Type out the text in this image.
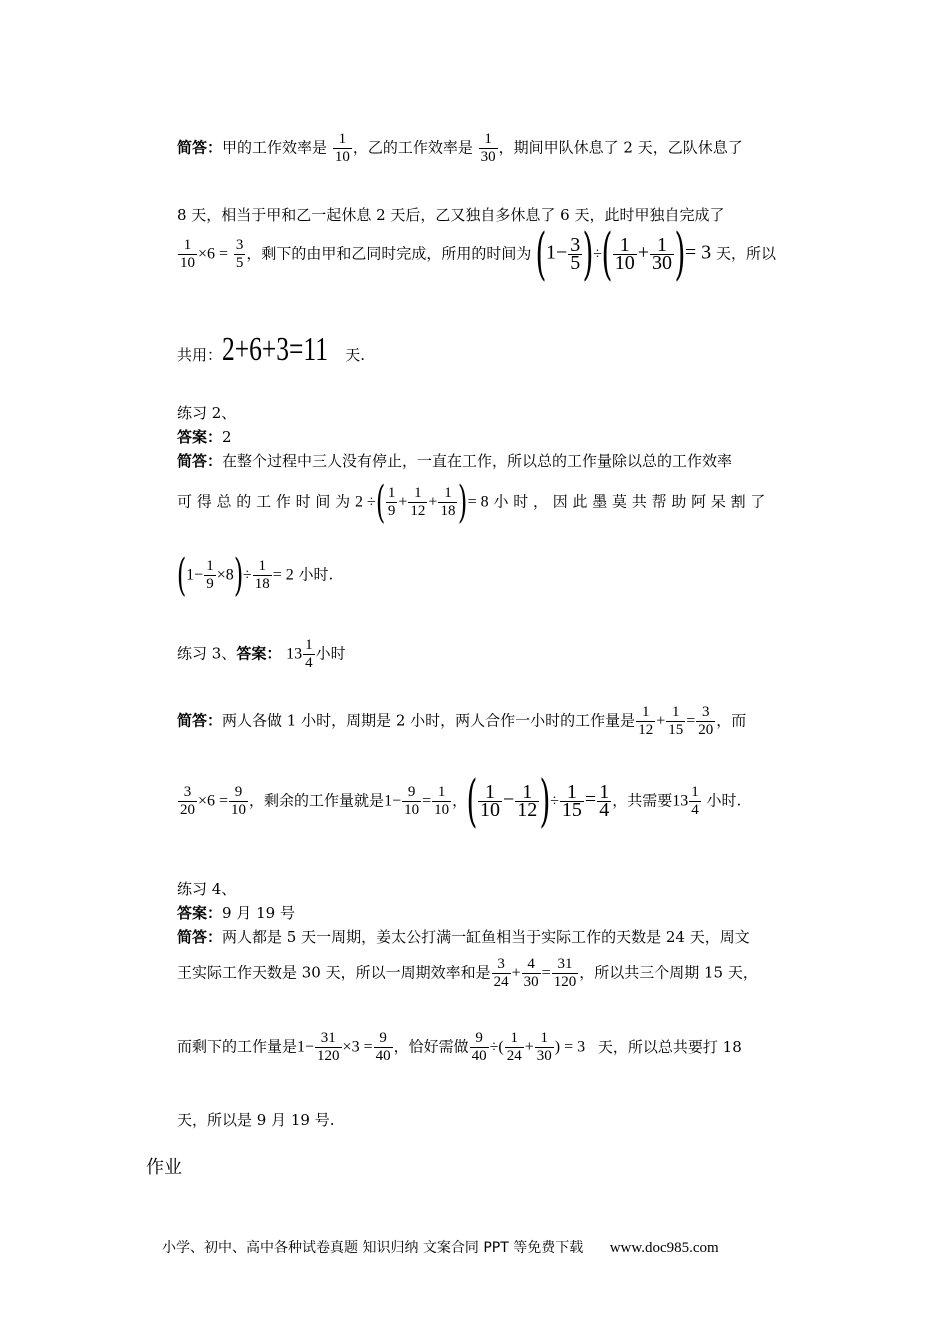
简答：甲的工作效率是 $\frac{1}{10}$ ，乙的工作效率是 $\frac{1}{30}$ ，期间甲队休息了 2 天，乙队休息了
8 天，相当于甲和乙一起休息 2 天后，乙又独自多休息了 6 天，此时甲独自完成了
$\frac{1}{10} \times 6 = \frac{3}{5}$ ，剩下的由甲和乙同时完成，所用的时间为 ($1- \frac{3}{5}$ )÷( $\frac{1}{10} + \frac{1}{30}$ )= 3 天，所以
共用：2+6+3=11 天.
练习 2、
答案：2
简答：在整个过程中三人没有停止，一直在工作，所以总的工作量除以总的工作效率
可 得 总 的 工 作 时 间 为 2 ÷( $\frac{1}{9} + \frac{1}{12} + \frac{1}{18}$ )= 8 小 时 ， 因 此 墨 莫 共 帮 助 阿 呆 割 了
$(1- \frac{1}{9} \times 8)\div \frac{1}{18} = 2$ 小时.
练习 3、答案： $13 \frac{1}{4}$ 小时
简答：两人各做 1 小时，周期是 2 小时，两人合作一小时的工作量是 $\frac{1}{12} + \frac{1}{15} = \frac{3}{20}$ ，而
$\frac{3}{20} \times 6 = \frac{9}{10}$ ，剩余的工作量就是$1- \frac{9}{10} = \frac{1}{10}$ ，( $\frac{1}{10} - \frac{1}{12}$ )÷ $\frac{1}{15} = \frac{1}{4}$ ，共需要$13 \frac{1}{4}$ 小时.
练习 4、
答案：9 月 19 号
简答：两人都是 5 天一周期，姜太公打满一缸鱼相当于实际工作的天数是 24 天，周文
王实际工作天数是 30 天，所以一周期效率和是 $\frac{3}{24} + \frac{4}{30} = \frac{31}{120}$ ，所以共三个周期 15 天，
而剩下的工作量是$1- \frac{31}{120} \times 3 = \frac{9}{40}$ ，恰好需做 $\frac{9}{40}$ ÷( $\frac{1}{24} + \frac{1}{30}$ ) = 3 天，所以总共要打 18
天，所以是 9 月 19 号.
作业
小学、初中、高中各种试卷真题 知识归纳 文案合同 PPT 等免费下载 www.doc985.com
